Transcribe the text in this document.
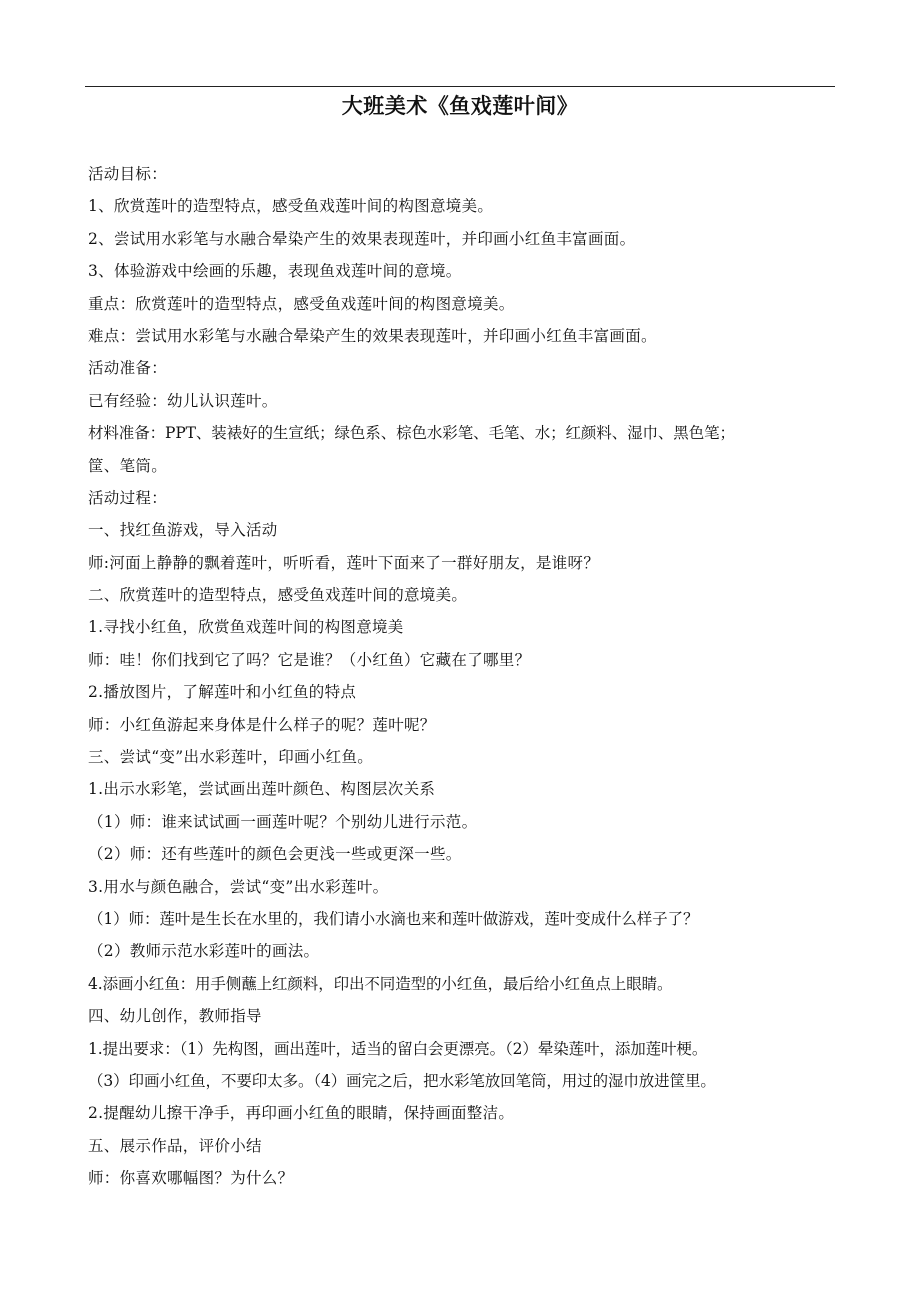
大班美术《鱼戏莲叶间》
活动目标：
1、欣赏莲叶的造型特点，感受鱼戏莲叶间的构图意境美。
2、尝试用水彩笔与水融合晕染产生的效果表现莲叶，并印画小红鱼丰富画面。
3、体验游戏中绘画的乐趣，表现鱼戏莲叶间的意境。
重点：欣赏莲叶的造型特点，感受鱼戏莲叶间的构图意境美。
难点：尝试用水彩笔与水融合晕染产生的效果表现莲叶，并印画小红鱼丰富画面。
活动准备：
已有经验：幼儿认识莲叶。
材料准备：PPT、装裱好的生宣纸；绿色系、棕色水彩笔、毛笔、水；红颜料、湿巾、黑色笔；
筐、笔筒。
活动过程：
一、找红鱼游戏，导入活动
师:河面上静静的飘着莲叶，听听看，莲叶下面来了一群好朋友，是谁呀？
二、欣赏莲叶的造型特点，感受鱼戏莲叶间的意境美。
1.寻找小红鱼，欣赏鱼戏莲叶间的构图意境美
师：哇！你们找到它了吗？它是谁？（小红鱼）它藏在了哪里？
2.播放图片，了解莲叶和小红鱼的特点
师：小红鱼游起来身体是什么样子的呢？莲叶呢？
三、尝试“变”出水彩莲叶，印画小红鱼。
1.出示水彩笔，尝试画出莲叶颜色、构图层次关系
（1）师：谁来试试画一画莲叶呢？个别幼儿进行示范。
（2）师：还有些莲叶的颜色会更浅一些或更深一些。
3.用水与颜色融合，尝试“变”出水彩莲叶。
（1）师：莲叶是生长在水里的，我们请小水滴也来和莲叶做游戏，莲叶变成什么样子了？
（2）教师示范水彩莲叶的画法。
4.添画小红鱼：用手侧蘸上红颜料，印出不同造型的小红鱼，最后给小红鱼点上眼睛。
四、幼儿创作，教师指导
1.提出要求：（1）先构图，画出莲叶，适当的留白会更漂亮。（2）晕染莲叶，添加莲叶梗。
（3）印画小红鱼，不要印太多。（4）画完之后，把水彩笔放回笔筒，用过的湿巾放进筐里。
2.提醒幼儿擦干净手，再印画小红鱼的眼睛，保持画面整洁。
五、展示作品，评价小结
师：你喜欢哪幅图？为什么？
